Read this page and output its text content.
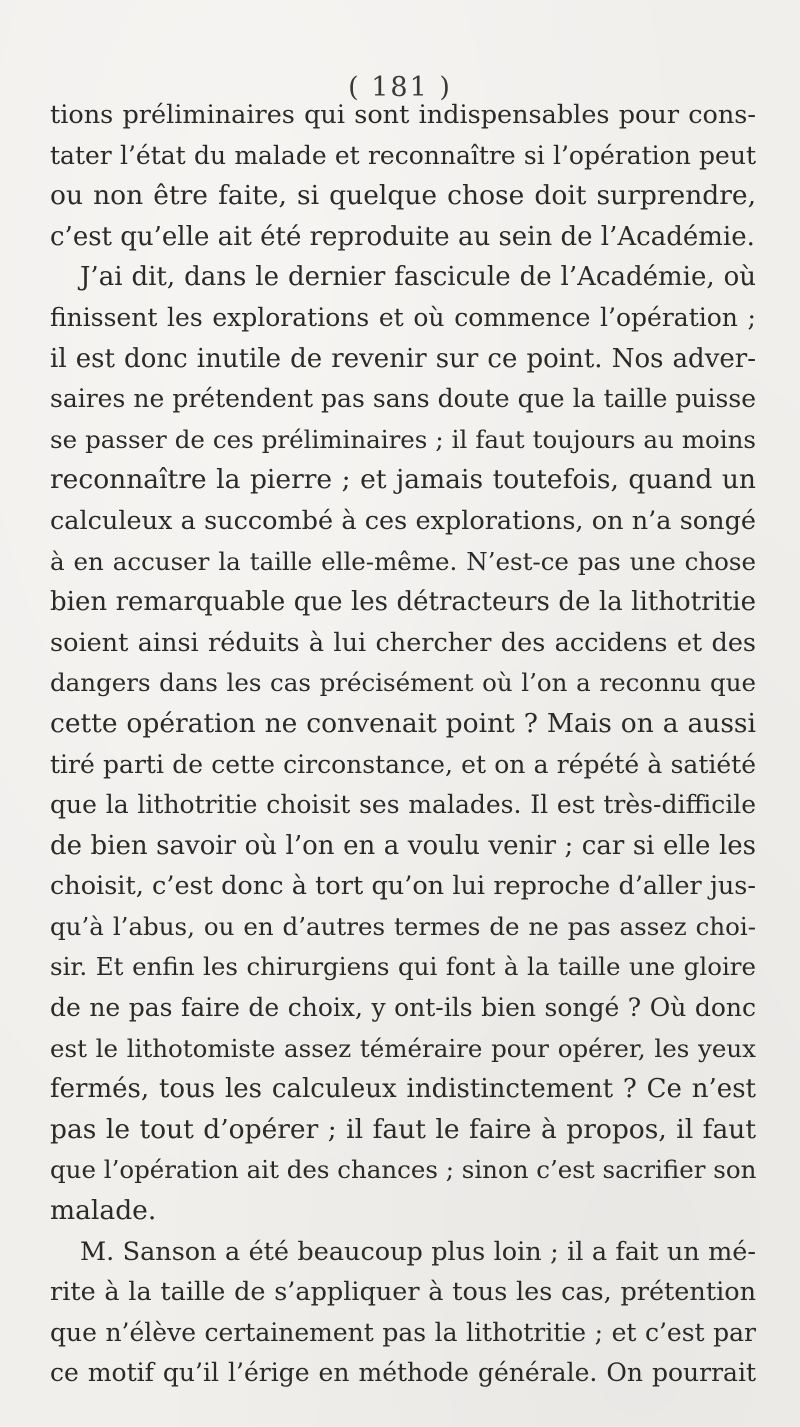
( 181 )
tions préliminaires qui sont indispensables pour cons-
tater l’état du malade et reconnaître si l’opération peut
ou non être faite, si quelque chose doit surprendre,
c’est qu’elle ait été reproduite au sein de l’Académie.
J’ai dit, dans le dernier fascicule de l’Académie, où
finissent les explorations et où commence l’opération ;
il est donc inutile de revenir sur ce point. Nos adver-
saires ne prétendent pas sans doute que la taille puisse
se passer de ces préliminaires ; il faut toujours au moins
reconnaître la pierre ; et jamais toutefois, quand un
calculeux a succombé à ces explorations, on n’a songé
à en accuser la taille elle-même. N’est-ce pas une chose
bien remarquable que les détracteurs de la lithotritie
soient ainsi réduits à lui chercher des accidens et des
dangers dans les cas précisément où l’on a reconnu que
cette opération ne convenait point ? Mais on a aussi
tiré parti de cette circonstance, et on a répété à satiété
que la lithotritie choisit ses malades. Il est très-difficile
de bien savoir où l’on en a voulu venir ; car si elle les
choisit, c’est donc à tort qu’on lui reproche d’aller jus-
qu’à l’abus, ou en d’autres termes de ne pas assez choi-
sir. Et enfin les chirurgiens qui font à la taille une gloire
de ne pas faire de choix, y ont-ils bien songé ? Où donc
est le lithotomiste assez téméraire pour opérer, les yeux
fermés, tous les calculeux indistinctement ? Ce n’est
pas le tout d’opérer ; il faut le faire à propos, il faut
que l’opération ait des chances ; sinon c’est sacrifier son
malade.
M. Sanson a été beaucoup plus loin ; il a fait un mé-
rite à la taille de s’appliquer à tous les cas, prétention
que n’élève certainement pas la lithotritie ; et c’est par
ce motif qu’il l’érige en méthode générale. On pourrait
